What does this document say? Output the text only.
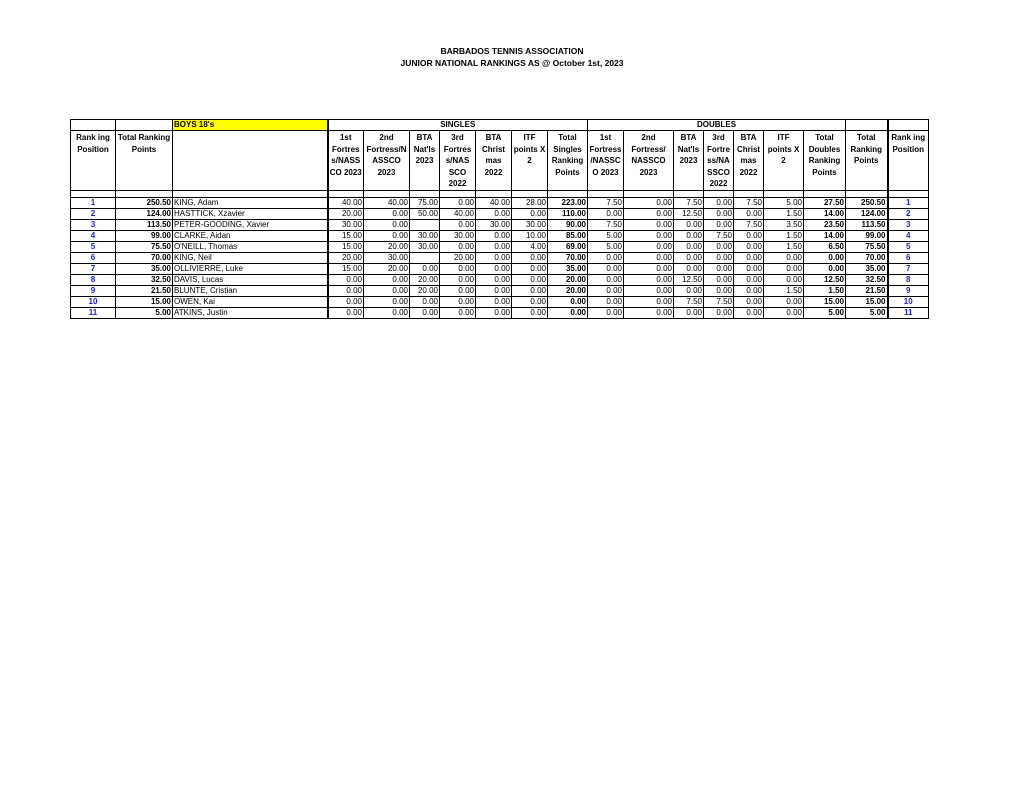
BARBADOS TENNIS ASSOCIATION
JUNIOR NATIONAL RANKINGS AS @ October 1st, 2023
		BOYS 18's	SINGLES							DOUBLES								
Rank ing Position	Total Ranking Points		1st Fortres s/NASS CO 2023	2nd Fortress/N ASSCO 2023	BTA Nat'ls 2023	3rd Fortres s/NAS SCO 2022	BTA Christ mas 2022	ITF points X 2	Total Singles Ranking Points	1st Fortress /NASSC O 2023	2nd Fortress/ NASSCO 2023	BTA Nat'ls 2023	3rd Fortre ss/NA SSCO 2022	BTA Christ mas 2022	ITF points X 2	Total Doubles Ranking Points	Total Ranking Points	Rank ing Position

1	250.50	KING, Adam	40.00	40.00	75.00	0.00	40.00	28.00	223.00	7.50	0.00	7.50	0.00	7.50	5.00	27.50	250.50	1
2	124.00	HASTTICK, Xzavier	20.00	0.00	50.00	40.00	0.00	0.00	110.00	0.00	0.00	12.50	0.00	0.00	1.50	14.00	124.00	2
3	113.50	PETER-GOODING, Xavier	30.00	0.00		0.00	30.00	30.00	90.00	7.50	0.00	0.00	0.00	7.50	3.50	23.50	113.50	3
4	99.00	CLARKE, Aidan	15.00	0.00	30.00	30.00	0.00	10.00	85.00	5.00	0.00	0.00	7.50	0.00	1.50	14.00	99.00	4
5	75.50	O'NEILL, Thomas	15.00	20.00	30.00	0.00	0.00	4.00	69.00	5.00	0.00	0.00	0.00	0.00	1.50	6.50	75.50	5
6	70.00	KING, Neil	20.00	30.00		20.00	0.00	0.00	70.00	0.00	0.00	0.00	0.00	0.00	0.00	0.00	70.00	6
7	35.00	OLLIVIERRE, Luke	15.00	20.00	0.00	0.00	0.00	0.00	35.00	0.00	0.00	0.00	0.00	0.00	0.00	0.00	35.00	7
8	32.50	DAVIS, Lucas	0.00	0.00	20.00	0.00	0.00	0.00	20.00	0.00	0.00	12.50	0.00	0.00	0.00	12.50	32.50	8
9	21.50	BLUNTE, Cristian	0.00	0.00	20.00	0.00	0.00	0.00	20.00	0.00	0.00	0.00	0.00	0.00	1.50	1.50	21.50	9
10	15.00	OWEN, Kai	0.00	0.00	0.00	0.00	0.00	0.00	0.00	0.00	0.00	7.50	7.50	0.00	0.00	15.00	15.00	10
11	5.00	ATKINS, Justin	0.00	0.00	0.00	0.00	0.00	0.00	0.00	0.00	0.00	0.00	0.00	0.00	0.00	5.00	5.00	11
